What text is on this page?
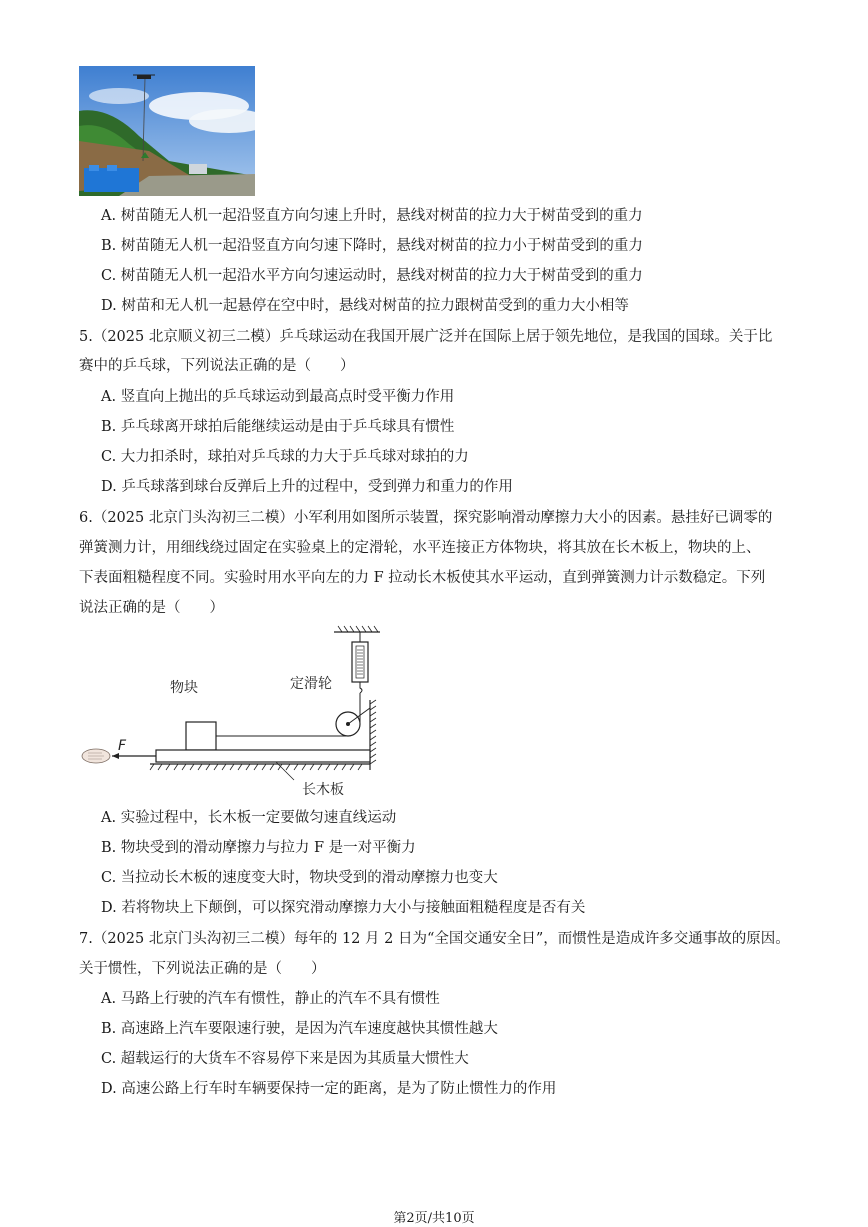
A. 树苗随无人机一起沿竖直方向匀速上升时，悬线对树苗的拉力大于树苗受到的重力
B. 树苗随无人机一起沿竖直方向匀速下降时，悬线对树苗的拉力小于树苗受到的重力
C. 树苗随无人机一起沿水平方向匀速运动时，悬线对树苗的拉力大于树苗受到的重力
D. 树苗和无人机一起悬停在空中时，悬线对树苗的拉力跟树苗受到的重力大小相等
5.（2025 北京顺义初三二模）乒乓球运动在我国开展广泛并在国际上居于领先地位，是我国的国球。关于比
赛中的乒乓球，下列说法正确的是（　　）
A. 竖直向上抛出的乒乓球运动到最高点时受平衡力作用
B. 乒乓球离开球拍后能继续运动是由于乒乓球具有惯性
C. 大力扣杀时，球拍对乒乓球的力大于乒乓球对球拍的力
D. 乒乓球落到球台反弹后上升的过程中，受到弹力和重力的作用
6.（2025 北京门头沟初三二模）小军利用如图所示装置，探究影响滑动摩擦力大小的因素。悬挂好已调零的
弹簧测力计，用细线绕过固定在实验桌上的定滑轮，水平连接正方体物块，将其放在长木板上，物块的上、
下表面粗糙程度不同。实验时用水平向左的力 F 拉动长木板使其水平运动，直到弹簧测力计示数稳定。下列
说法正确的是（　　）
物块	定滑轮
长木板
F
A. 实验过程中，长木板一定要做匀速直线运动
B. 物块受到的滑动摩擦力与拉力 F 是一对平衡力
C. 当拉动长木板的速度变大时，物块受到的滑动摩擦力也变大
D. 若将物块上下颠倒，可以探究滑动摩擦力大小与接触面粗糙程度是否有关
7.（2025 北京门头沟初三二模）每年的 12 月 2 日为“全国交通安全日”，而惯性是造成许多交通事故的原因。
关于惯性，下列说法正确的是（　　）
A. 马路上行驶的汽车有惯性，静止的汽车不具有惯性
B. 高速路上汽车要限速行驶，是因为汽车速度越快其惯性越大
C. 超载运行的大货车不容易停下来是因为其质量大惯性大
D. 高速公路上行车时车辆要保持一定的距离，是为了防止惯性力的作用
第2页/共10页
